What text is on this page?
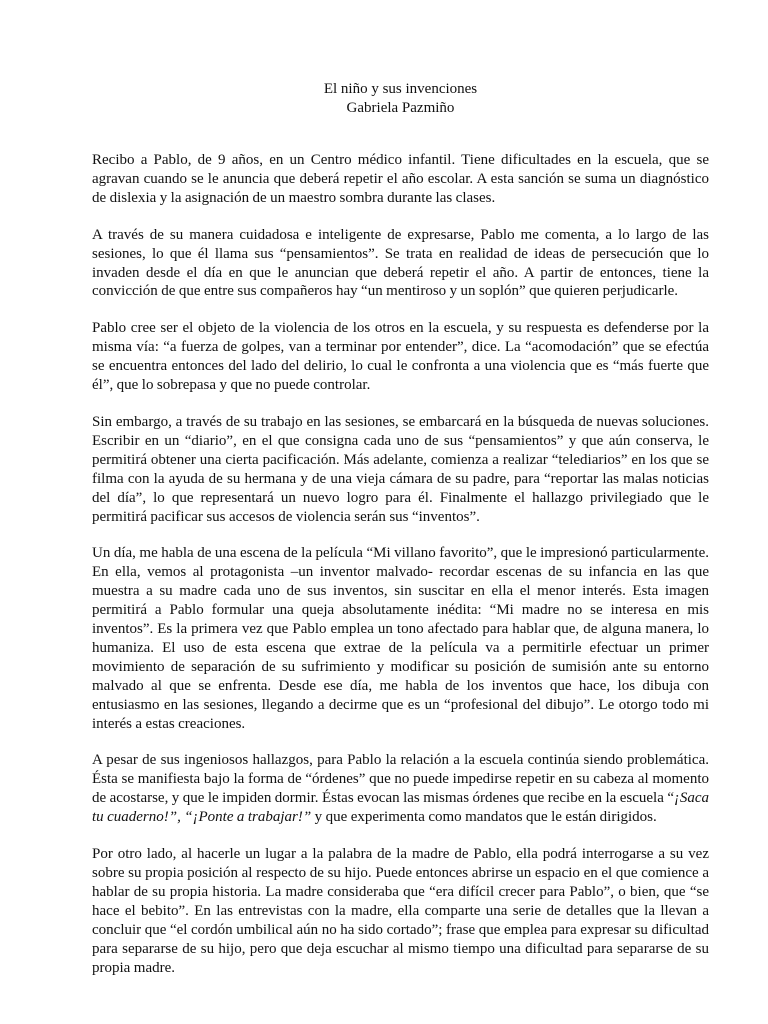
El niño y sus invenciones
Gabriela Pazmiño

Recibo a Pablo, de 9 años, en un Centro médico infantil. Tiene dificultades en la escuela, que se agravan cuando se le anuncia que deberá repetir el año escolar. A esta sanción se suma un diagnóstico de dislexia y la asignación de un maestro sombra durante las clases.

A través de su manera cuidadosa e inteligente de expresarse, Pablo me comenta, a lo largo de las sesiones, lo que él llama sus “pensamientos”. Se trata en realidad de ideas de persecución que lo invaden desde el día en que le anuncian que deberá repetir el año. A partir de entonces, tiene la convicción de que entre sus compañeros hay “un mentiroso y un soplón” que quieren perjudicarle.

Pablo cree ser el objeto de la violencia de los otros en la escuela, y su respuesta es defenderse por la misma vía: “a fuerza de golpes, van a terminar por entender”, dice. La “acomodación” que se efectúa se encuentra entonces del lado del delirio, lo cual le confronta a una violencia que es “más fuerte que él”, que lo sobrepasa y que no puede controlar.

Sin embargo, a través de su trabajo en las sesiones, se embarcará en la búsqueda de nuevas soluciones. Escribir en un “diario”, en el que consigna cada uno de sus “pensamientos” y que aún conserva, le permitirá obtener una cierta pacificación. Más adelante, comienza a realizar “telediarios” en los que se filma con la ayuda de su hermana y de una vieja cámara de su padre, para “reportar las malas noticias del día”, lo que representará un nuevo logro para él. Finalmente el hallazgo privilegiado que le permitirá pacificar sus accesos de violencia serán sus “inventos”.

Un día, me habla de una escena de la película “Mi villano favorito”, que le impresionó particularmente. En ella, vemos al protagonista –un inventor malvado- recordar escenas de su infancia en las que muestra a su madre cada uno de sus inventos, sin suscitar en ella el menor interés. Esta imagen permitirá a Pablo formular una queja absolutamente inédita: “Mi madre no se interesa en mis inventos”. Es la primera vez que Pablo emplea un tono afectado para hablar que, de alguna manera, lo humaniza. El uso de esta escena que extrae de la película va a permitirle efectuar un primer movimiento de separación de su sufrimiento y modificar su posición de sumisión ante su entorno malvado al que se enfrenta. Desde ese día, me habla de los inventos que hace, los dibuja con entusiasmo en las sesiones, llegando a decirme que es un “profesional del dibujo”. Le otorgo todo mi interés a estas creaciones.

A pesar de sus ingeniosos hallazgos, para Pablo la relación a la escuela continúa siendo problemática. Ésta se manifiesta bajo la forma de “órdenes” que no puede impedirse repetir en su cabeza al momento de acostarse, y que le impiden dormir. Éstas evocan las mismas órdenes que recibe en la escuela “¡Saca tu cuaderno!”, “¡Ponte a trabajar!” y que experimenta como mandatos que le están dirigidos.

Por otro lado, al hacerle un lugar a la palabra de la madre de Pablo, ella podrá interrogarse a su vez sobre su propia posición al respecto de su hijo. Puede entonces abrirse un espacio en el que comience a hablar de su propia historia. La madre consideraba que “era difícil crecer para Pablo”, o bien, que “se hace el bebito”. En las entrevistas con la madre, ella comparte una serie de detalles que la llevan a concluir que “el cordón umbilical aún no ha sido cortado”; frase que emplea para expresar su dificultad para separarse de su hijo, pero que deja escuchar al mismo tiempo una dificultad para separarse de su propia madre.
